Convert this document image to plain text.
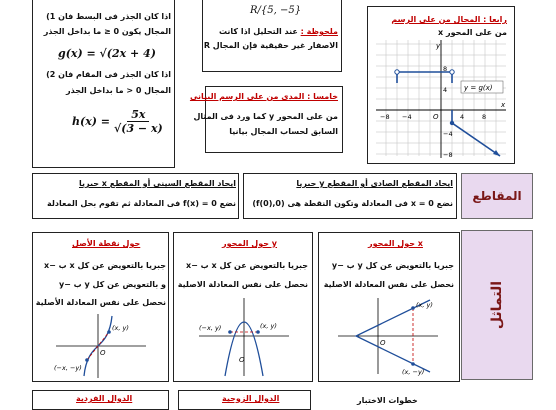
اذا كان الجذر فى البسط فان 1)
المجال يكون 0 ≤ ما بداخل الجذر
g(x) = √(2x + 4)
اذا كان الجذر فى المقام فان 2)
المجال 0 < ما بداخل الجذر
$h(x) = \frac{5x}{√(3 - x)}$
R/{5, −5}
ملحوظة : عند التحليل اذا كانت
الاصفار غير حقيقية فإن المجال R
خامسا : المدى من على الرسم البيانى
من على المحور y كما ورد فى المثال
السابق لحساب المجال بيانيا
رابعا : المجال من على الرسم
من على المحور x
x
y
−8 −4	O	4	8
8
4
−4
−8
y = g(x)
المقاطع
ايجاد المقطع الصادى أو المقطع y جبريا
نضع 0 = x فى المعادلة وتكون النقطة هى (0,f(0))
ايجاد المقطع السينى أو المقطع x جبريا
نضع 0 = f(x) فى المعادلة ثم تقوم بحل المعادلة
التماثل
حول المحور x
جبريا بالتعويض عن كل y ب −y
نحصل على نفس المعادلة الاصلية
(x, y)
(x, −y)
O
حول المحور y
جبريا بالتعويض عن كل x ب −x
نحصل على نفس المعادلة الاصلية
(−x, y)	(x, y)
O
حول نقطة الأصل
جبريا بالتعويض عن كل x ب −x
و بالتعويض عن كل y ب −y
نحصل على نفس المعادلة الأصلية
(x, y)
(−x, −y)
O
خطوات الاختبار
الدوال الزوجية
الدوال الفردية
